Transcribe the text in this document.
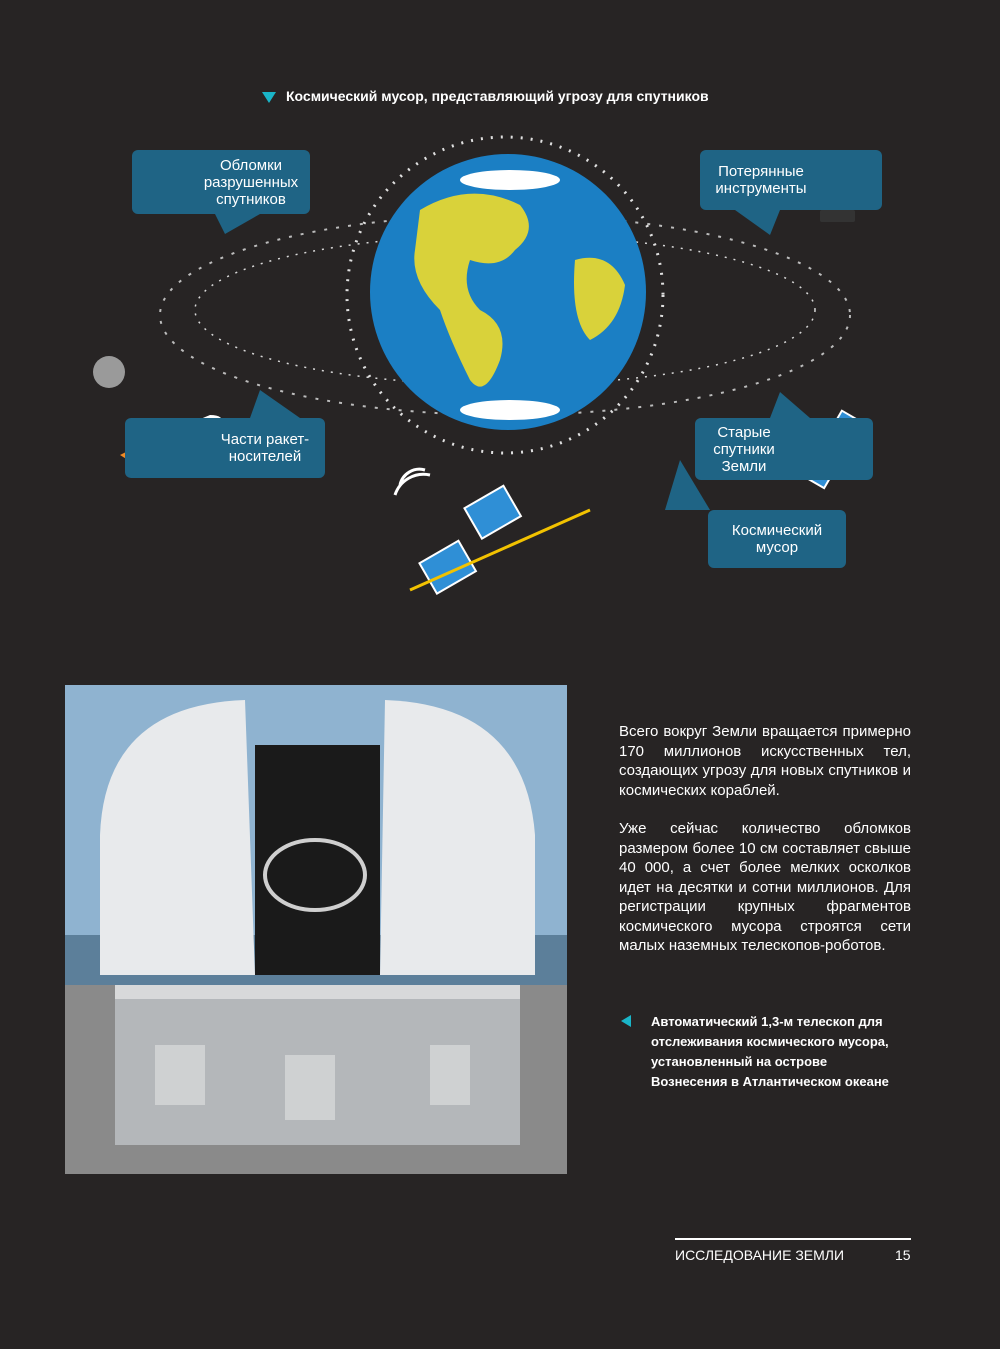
Космический мусор, представляющий угрозу для спутников
Обломки
разрушенных
спутников
Потерянные
инструменты
Части ракет-
носителей
Старые
спутники
Земли
Космический
мусор

Всего вокруг Земли вращается примерно 170 миллионов искусственных тел, создающих угрозу для новых спутников и космических кораблей.

Уже сейчас количество обломков размером более 10 см составляет свыше 40 000, а счет более мелких осколков идет на десятки и сотни миллионов. Для регистрации крупных фрагментов космического мусора строятся сети малых наземных телескопов-роботов.

Автоматический 1,3-м телескоп для отслеживания космического мусора, установленный на острове Вознесения в Атлантическом океане
ИССЛЕДОВАНИЕ ЗЕМЛИ	15
